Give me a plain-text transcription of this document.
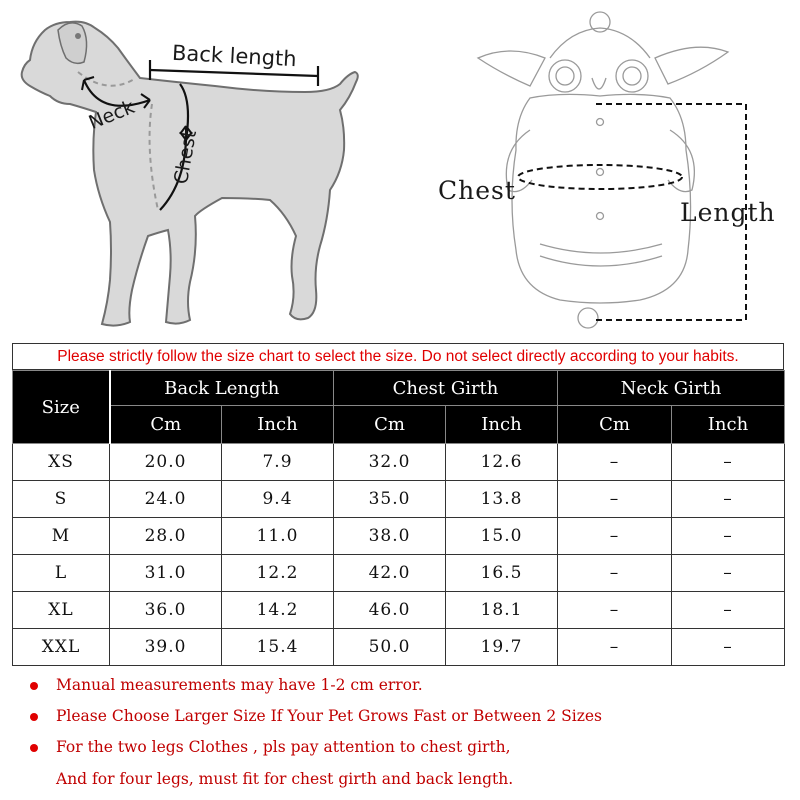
Back length
Neck
Chest
Chest
Length
Please strictly follow the size chart to select the size. Do not select directly according to your habits.
Size	Back Length		Chest Girth		Neck Girth	
	Cm	Inch	Cm	Inch	Cm	Inch
XS	20.0	7.9	32.0	12.6	–	–
S	24.0	9.4	35.0	13.8	–	–
M	28.0	11.0	38.0	15.0	–	–
L	31.0	12.2	42.0	16.5	–	–
XL	36.0	14.2	46.0	18.1	–	–
XXL	39.0	15.4	50.0	19.7	–	–
Manual measurements may have 1-2 cm error.
Please Choose Larger Size If Your Pet Grows Fast or Between 2 Sizes
For the two legs Clothes , pls pay attention to chest girth,
And for four legs, must fit for chest girth and back length.
